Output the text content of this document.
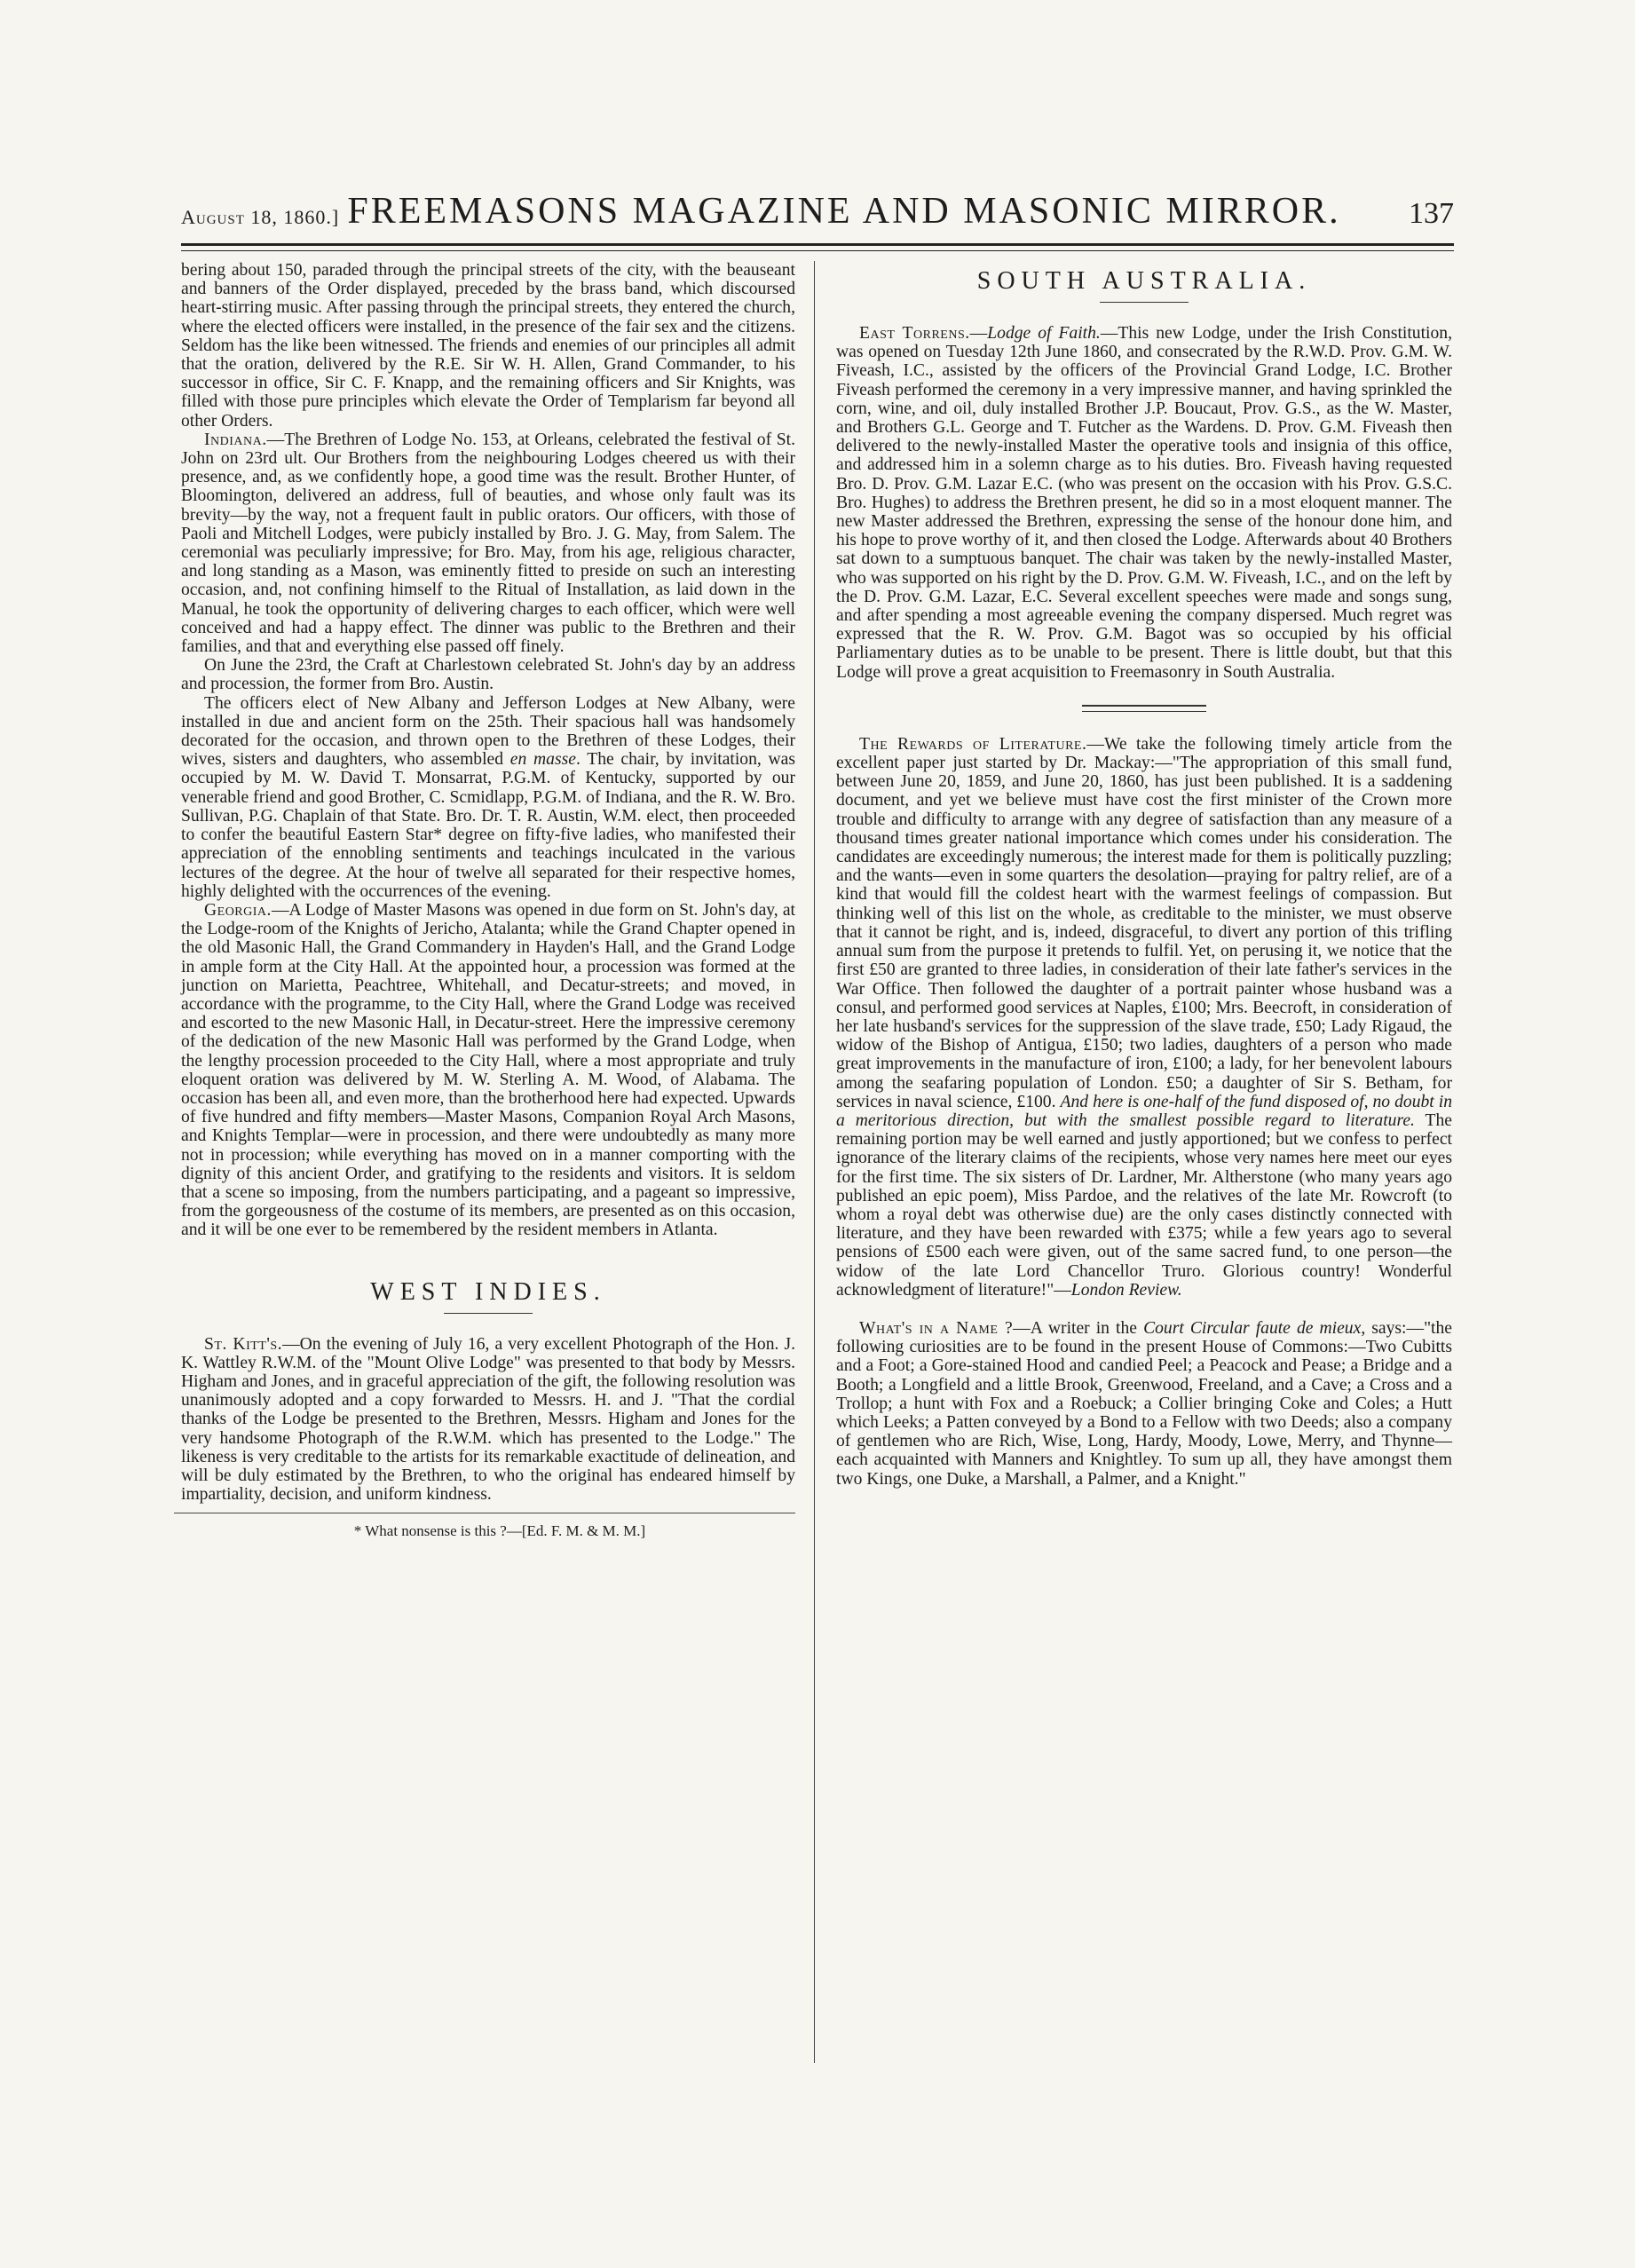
August 18, 1860.] FREEMASONS MAGAZINE AND MASONIC MIRROR.	137

bering about 150, paraded through the principal streets of the city, with the beauseant and banners of the Order displayed, preceded by the brass band, which discoursed heart-stirring music. After passing through the principal streets, they entered the church, where the elected officers were installed, in the presence of the fair sex and the citizens. Seldom has the like been witnessed. The friends and enemies of our principles all admit that the oration, delivered by the R.E. Sir W. H. Allen, Grand Commander, to his successor in office, Sir C. F. Knapp, and the remaining officers and Sir Knights, was filled with those pure principles which elevate the Order of Templarism far beyond all other Orders.

Indiana.—The Brethren of Lodge No. 153, at Orleans, celebrated the festival of St. John on 23rd ult. Our Brothers from the neighbouring Lodges cheered us with their presence, and, as we confidently hope, a good time was the result. Brother Hunter, of Bloomington, delivered an address, full of beauties, and whose only fault was its brevity—by the way, not a frequent fault in public orators. Our officers, with those of Paoli and Mitchell Lodges, were pubicly installed by Bro. J. G. May, from Salem. The ceremonial was peculiarly impressive; for Bro. May, from his age, religious character, and long standing as a Mason, was eminently fitted to preside on such an interesting occasion, and, not confining himself to the Ritual of Installation, as laid down in the Manual, he took the opportunity of delivering charges to each officer, which were well conceived and had a happy effect. The dinner was public to the Brethren and their families, and that and everything else passed off finely.

On June the 23rd, the Craft at Charlestown celebrated St. John's day by an address and procession, the former from Bro. Austin.

The officers elect of New Albany and Jefferson Lodges at New Albany, were installed in due and ancient form on the 25th. Their spacious hall was handsomely decorated for the occasion, and thrown open to the Brethren of these Lodges, their wives, sisters and daughters, who assembled en masse. The chair, by invitation, was occupied by M. W. David T. Monsarrat, P.G.M. of Kentucky, supported by our venerable friend and good Brother, C. Scmidlapp, P.G.M. of Indiana, and the R. W. Bro. Sullivan, P.G. Chaplain of that State. Bro. Dr. T. R. Austin, W.M. elect, then proceeded to confer the beautiful Eastern Star* degree on fifty-five ladies, who manifested their appreciation of the ennobling sentiments and teachings inculcated in the various lectures of the degree. At the hour of twelve all separated for their respective homes, highly delighted with the occurrences of the evening.

Georgia.—A Lodge of Master Masons was opened in due form on St. John's day, at the Lodge-room of the Knights of Jericho, Atalanta; while the Grand Chapter opened in the old Masonic Hall, the Grand Commandery in Hayden's Hall, and the Grand Lodge in ample form at the City Hall. At the appointed hour, a procession was formed at the junction on Marietta, Peachtree, Whitehall, and Decatur-streets; and moved, in accordance with the programme, to the City Hall, where the Grand Lodge was received and escorted to the new Masonic Hall, in Decatur-street. Here the impressive ceremony of the dedication of the new Masonic Hall was performed by the Grand Lodge, when the lengthy procession proceeded to the City Hall, where a most appropriate and truly eloquent oration was delivered by M. W. Sterling A. M. Wood, of Alabama. The occasion has been all, and even more, than the brotherhood here had expected. Upwards of five hundred and fifty members—Master Masons, Companion Royal Arch Masons, and Knights Templar—were in procession, and there were undoubtedly as many more not in procession; while everything has moved on in a manner comporting with the dignity of this ancient Order, and gratifying to the residents and visitors. It is seldom that a scene so imposing, from the numbers participating, and a pageant so impressive, from the gorgeousness of the costume of its members, are presented as on this occasion, and it will be one ever to be remembered by the resident members in Atlanta.

WEST INDIES.

St. Kitt's.—On the evening of July 16, a very excellent Photograph of the Hon. J. K. Wattley R.W.M. of the "Mount Olive Lodge" was presented to that body by Messrs. Higham and Jones, and in graceful appreciation of the gift, the following resolution was unanimously adopted and a copy forwarded to Messrs. H. and J. "That the cordial thanks of the Lodge be presented to the Brethren, Messrs. Higham and Jones for the very handsome Photograph of the R.W.M. which has presented to the Lodge." The likeness is very creditable to the artists for its remarkable exactitude of delineation, and will be duly estimated by the Brethren, to who the original has endeared himself by impartiality, decision, and uniform kindness.

* What nonsense is this ?—[Ed. F. M. & M. M.]

SOUTH AUSTRALIA.

East Torrens.—Lodge of Faith.—This new Lodge, under the Irish Constitution, was opened on Tuesday 12th June 1860, and consecrated by the R.W.D. Prov. G.M. W. Fiveash, I.C., assisted by the officers of the Provincial Grand Lodge, I.C. Brother Fiveash performed the ceremony in a very impressive manner, and having sprinkled the corn, wine, and oil, duly installed Brother J.P. Boucaut, Prov. G.S., as the W. Master, and Brothers G.L. George and T. Futcher as the Wardens. D. Prov. G.M. Fiveash then delivered to the newly-installed Master the operative tools and insignia of this office, and addressed him in a solemn charge as to his duties. Bro. Fiveash having requested Bro. D. Prov. G.M. Lazar E.C. (who was present on the occasion with his Prov. G.S.C. Bro. Hughes) to address the Brethren present, he did so in a most eloquent manner. The new Master addressed the Brethren, expressing the sense of the honour done him, and his hope to prove worthy of it, and then closed the Lodge. Afterwards about 40 Brothers sat down to a sumptuous banquet. The chair was taken by the newly-installed Master, who was supported on his right by the D. Prov. G.M. W. Fiveash, I.C., and on the left by the D. Prov. G.M. Lazar, E.C. Several excellent speeches were made and songs sung, and after spending a most agreeable evening the company dispersed. Much regret was expressed that the R. W. Prov. G.M. Bagot was so occupied by his official Parliamentary duties as to be unable to be present. There is little doubt, but that this Lodge will prove a great acquisition to Freemasonry in South Australia.

The Rewards of Literature.—We take the following timely article from the excellent paper just started by Dr. Mackay:—"The appropriation of this small fund, between June 20, 1859, and June 20, 1860, has just been published. It is a saddening document, and yet we believe must have cost the first minister of the Crown more trouble and difficulty to arrange with any degree of satisfaction than any measure of a thousand times greater national importance which comes under his consideration. The candidates are exceedingly numerous; the interest made for them is politically puzzling; and the wants—even in some quarters the desolation—praying for paltry relief, are of a kind that would fill the coldest heart with the warmest feelings of compassion. But thinking well of this list on the whole, as creditable to the minister, we must observe that it cannot be right, and is, indeed, disgraceful, to divert any portion of this trifling annual sum from the purpose it pretends to fulfil. Yet, on perusing it, we notice that the first £50 are granted to three ladies, in consideration of their late father's services in the War Office. Then followed the daughter of a portrait painter whose husband was a consul, and performed good services at Naples, £100; Mrs. Beecroft, in consideration of her late husband's services for the suppression of the slave trade, £50; Lady Rigaud, the widow of the Bishop of Antigua, £150; two ladies, daughters of a person who made great improvements in the manufacture of iron, £100; a lady, for her benevolent labours among the seafaring population of London. £50; a daughter of Sir S. Betham, for services in naval science, £100. And here is one-half of the fund disposed of, no doubt in a meritorious direction, but with the smallest possible regard to literature. The remaining portion may be well earned and justly apportioned; but we confess to perfect ignorance of the literary claims of the recipients, whose very names here meet our eyes for the first time. The six sisters of Dr. Lardner, Mr. Altherstone (who many years ago published an epic poem), Miss Pardoe, and the relatives of the late Mr. Rowcroft (to whom a royal debt was otherwise due) are the only cases distinctly connected with literature, and they have been rewarded with £375; while a few years ago to several pensions of £500 each were given, out of the same sacred fund, to one person—the widow of the late Lord Chancellor Truro. Glorious country! Wonderful acknowledgment of literature!"—London Review.

What's in a Name ?—A writer in the Court Circular faute de mieux, says:—"the following curiosities are to be found in the present House of Commons:—Two Cubitts and a Foot; a Gore-stained Hood and candied Peel; a Peacock and Pease; a Bridge and a Booth; a Longfield and a little Brook, Greenwood, Freeland, and a Cave; a Cross and a Trollop; a hunt with Fox and a Roebuck; a Collier bringing Coke and Coles; a Hutt which Leeks; a Patten conveyed by a Bond to a Fellow with two Deeds; also a company of gentlemen who are Rich, Wise, Long, Hardy, Moody, Lowe, Merry, and Thynne—each acquainted with Manners and Knightley. To sum up all, they have amongst them two Kings, one Duke, a Marshall, a Palmer, and a Knight."
